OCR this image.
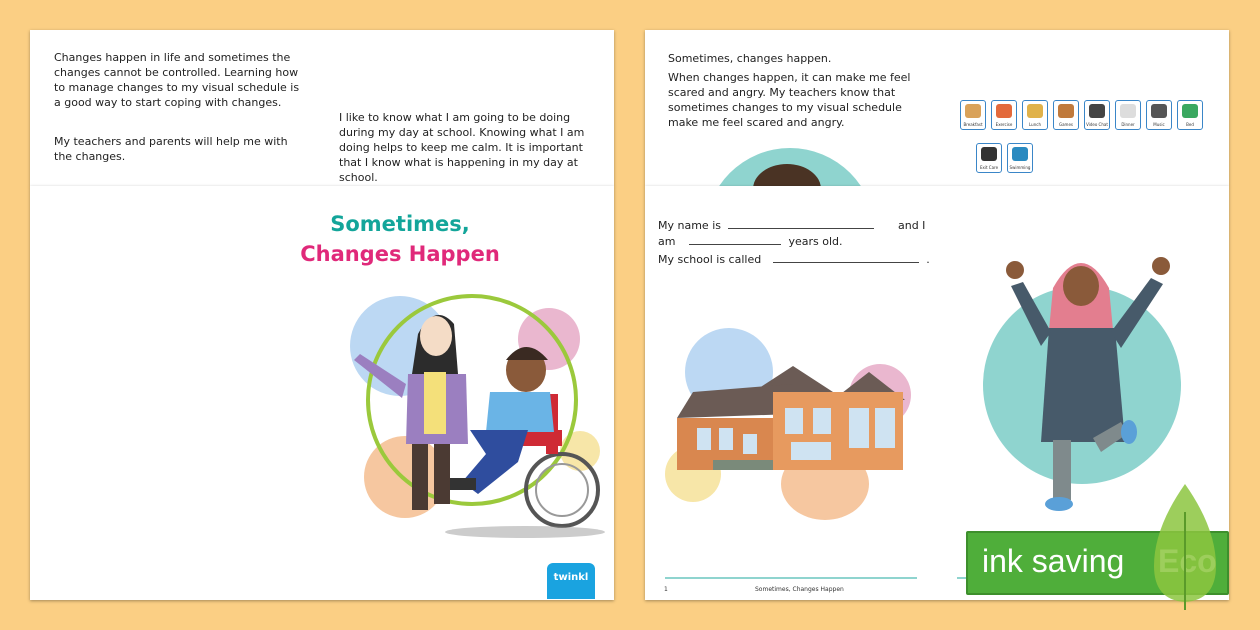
Changes happen in life and sometimes the changes cannot be controlled. Learning how to manage changes to my visual schedule is a good way to start coping with changes.
My teachers and parents will help me with the changes.
I like to know what I am going to be doing during my day at school. Knowing what I am doing helps to keep me calm. It is important that I know what is happening in my day at school.
Sometimes, changes happen.
When changes happen, it can make me feel scared and angry. My teachers know that sometimes changes to my visual schedule make me feel scared and angry.	Breakfast	Exercise	Lunch	Games	Video Chat	Dinner	Music	Bed
Exit Care	Swimming
Sometimes,
Changes Happen
twinkl
My name is	and I
am	years old.
My school is called	.
1	Sometimes, Changes Happen
ink saving
